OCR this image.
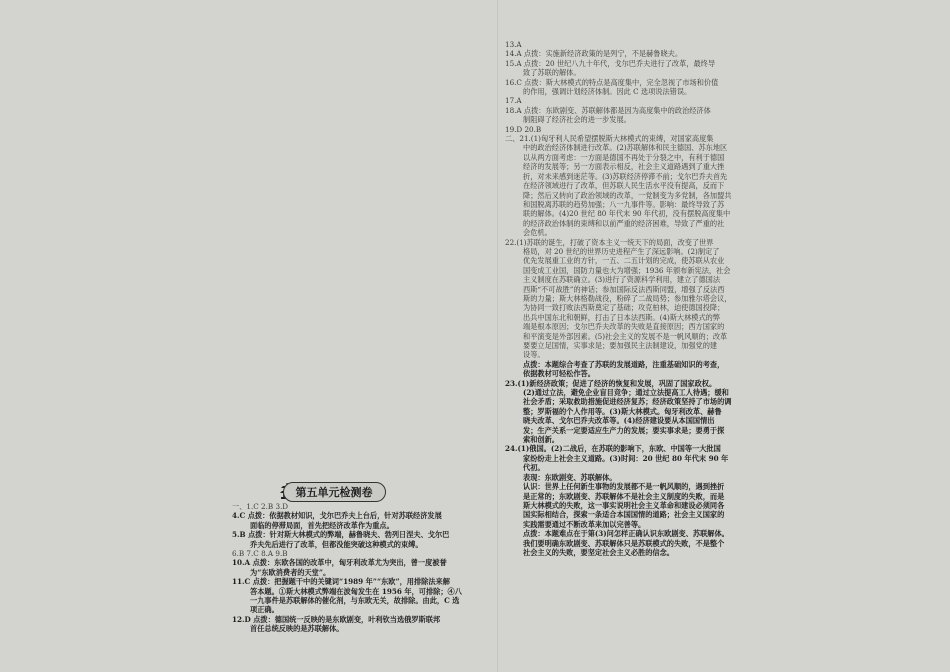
第五单元检测卷
一、1.C 2.B 3.D
4.C 点拨：依据教材知识，戈尔巴乔夫上台后，针对苏联经济发展
面临的停滞局面，首先把经济改革作为重点。
5.B 点拨：针对斯大林模式的弊端，赫鲁晓夫、勃列日涅夫、戈尔巴
乔夫先后进行了改革，但都没能突破这种模式的束缚。
6.B 7.C 8.A 9.B
10.A 点拨：东欧各国的改革中，匈牙利改革尤为突出，曾一度被誉
为“东欧消费者的天堂”。
11.C 点拨：把握题干中的关键词“1989 年”“东欧”，用排除法来解
答本题。①斯大林模式弊端在波匈发生在 1956 年，可排除；④八
一九事件是苏联解体的催化剂，与东欧无关，故排除。由此，C 选
项正确。
12.D 点拨：德国统一反映的是东欧剧变，叶利钦当选俄罗斯联邦
首任总统反映的是苏联解体。
13.A
14.A 点拨：实施新经济政策的是列宁，不是赫鲁晓夫。
15.A 点拨：20 世纪八九十年代，戈尔巴乔夫进行了改革，最终导
致了苏联的解体。
16.C 点拨：斯大林模式的特点是高度集中，完全忽视了市场和价值
的作用，强调计划经济体制。因此 C 选项说法错误。
17.A
18.A 点拨：东欧剧变、苏联解体都是因为高度集中的政治经济体
制阻碍了经济社会的进一步发展。
19.D 20.B
二、21.(1)匈牙利人民希望摆脱斯大林模式的束缚，对国家高度集
中的政治经济体制进行改革。(2)苏联解体和民主德国、苏东地区
以从两方面考虑：一方面是德国不再处于分裂之中，有利于德国
经济的发展等；另一方面表示相反，社会主义道路遇到了重大挫
折，对未来感到迷茫等。(3)苏联经济停滞不前；戈尔巴乔夫首先
在经济领域进行了改革，但苏联人民生活水平没有提高，反而下
降；然后又转向了政治领域的改革，一党制变为多党制，各加盟共
和国脱离苏联的趋势加强；八一九事件等。影响：最终导致了苏
联的解体。(4)20 世纪 80 年代末 90 年代初，没有摆脱高度集中
的经济政治体制的束缚和以前严重的经济困难，导致了严重的社
会危机。
22.(1)苏联的诞生，打破了资本主义一统天下的局面，改变了世界
格局，对 20 世纪的世界历史进程产生了深远影响。(2)制定了
优先发展重工业的方针，一五、二五计划的完成，使苏联从农业
国变成工业国，国防力量也大为增强；1936 年颁布新宪法，社会
主义制度在苏联确立。(3)进行了资源科学利用，建立了德国法
西斯“不可战胜”的神话；参加国际反法西斯同盟，增强了反法西
斯的力量；斯大林格勒战役，粉碎了二战局势；参加雅尔塔会议，
为协同一致打败法西斯奠定了基础；攻克柏林，迫使德国投降；
出兵中国东北和朝鲜，打击了日本法西斯。(4)斯大林模式的弊
端是根本原因；戈尔巴乔夫改革的失败是直接原因；西方国家的
和平演变是外部因素。(5)社会主义的发展不是一帆风顺的；改革
要要立足国情，实事求是；要加强民主法制建设，加强党的建
设等。
点拨：本题综合考查了苏联的发展道路，注重基础知识的考查，
依据教材可轻松作答。
23.(1)新经济政策；促进了经济的恢复和发展，巩固了国家政权。
(2)通过立法，避免企业盲目竞争；通过立法提高工人待遇；缓和
社会矛盾；采取救助措施促进经济复苏；经济政策坚持了市场的调
整；罗斯福的个人作用等。(3)斯大林模式。匈牙利改革、赫鲁
晓夫改革、戈尔巴乔夫改革等。(4)经济建设要从本国国情出
发；生产关系一定要适应生产力的发展；要实事求是；要勇于探
索和创新。
24.(1)俄国。(2)二战后，在苏联的影响下，东欧、中国等一大批国
家纷纷走上社会主义道路。(3)时间：20 世纪 80 年代末 90 年
代初。
表现：东欧剧变、苏联解体。
认识：世界上任何新生事物的发展都不是一帆风顺的，遇到挫折
是正常的；东欧剧变、苏联解体不是社会主义制度的失败，而是
斯大林模式的失败，这一事实说明社会主义革命和建设必须同各
国实际相结合，探索一条适合本国国情的道路；社会主义国家的
实践需要通过不断改革来加以完善等。
点拨：本题难点在于第(3)问怎样正确认识东欧剧变、苏联解体。
我们要明确东欧剧变、苏联解体只是苏联模式的失败，不是整个
社会主义的失败，要坚定社会主义必胜的信念。
